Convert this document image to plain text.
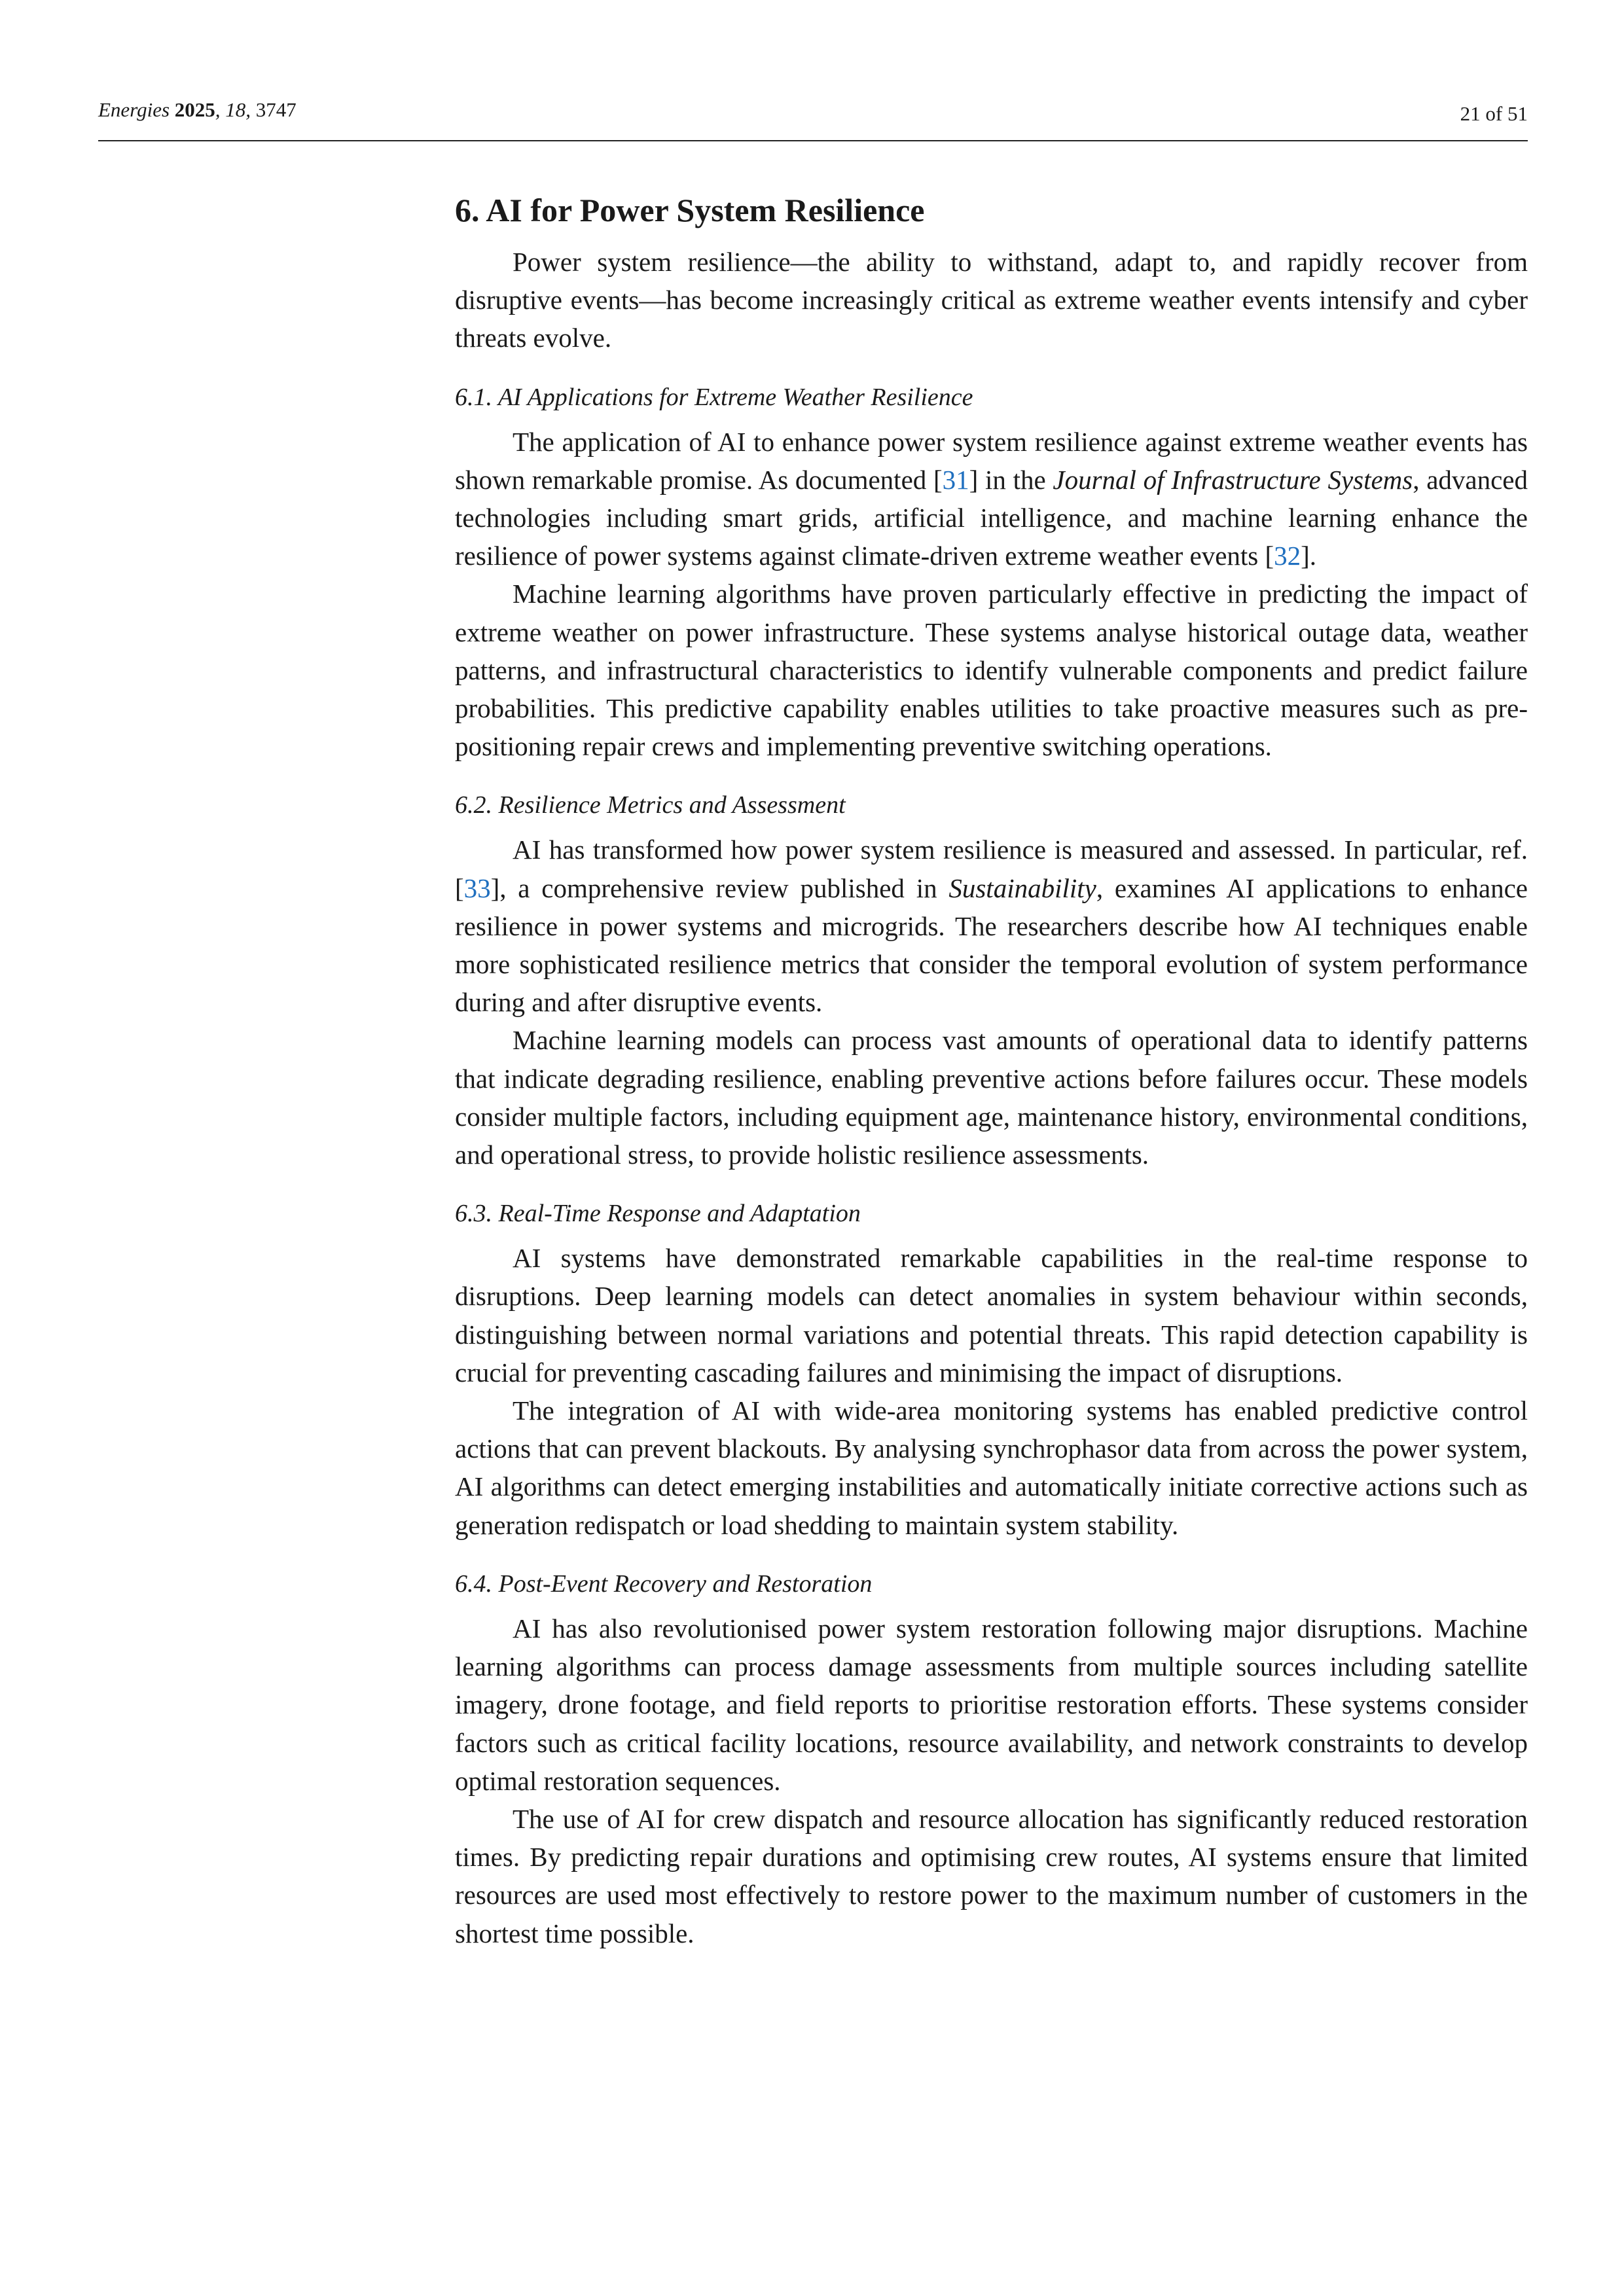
Energies 2025, 18, 3747	21 of 51
6. AI for Power System Resilience

Power system resilience—the ability to withstand, adapt to, and rapidly recover from disruptive events—has become increasingly critical as extreme weather events intensify and cyber threats evolve.

6.1. AI Applications for Extreme Weather Resilience

The application of AI to enhance power system resilience against extreme weather events has shown remarkable promise. As documented [31] in the Journal of Infrastructure Systems, advanced technologies including smart grids, artificial intelligence, and machine learning enhance the resilience of power systems against climate-driven extreme weather events [32].

Machine learning algorithms have proven particularly effective in predicting the impact of extreme weather on power infrastructure. These systems analyse historical outage data, weather patterns, and infrastructural characteristics to identify vulnerable components and predict failure probabilities. This predictive capability enables utilities to take proactive measures such as pre-positioning repair crews and implementing preventive switching operations.

6.2. Resilience Metrics and Assessment

AI has transformed how power system resilience is measured and assessed. In particular, ref. [33], a comprehensive review published in Sustainability, examines AI applications to enhance resilience in power systems and microgrids. The researchers describe how AI techniques enable more sophisticated resilience metrics that consider the temporal evolution of system performance during and after disruptive events.

Machine learning models can process vast amounts of operational data to identify patterns that indicate degrading resilience, enabling preventive actions before failures occur. These models consider multiple factors, including equipment age, maintenance history, environmental conditions, and operational stress, to provide holistic resilience assessments.

6.3. Real-Time Response and Adaptation

AI systems have demonstrated remarkable capabilities in the real-time response to disruptions. Deep learning models can detect anomalies in system behaviour within seconds, distinguishing between normal variations and potential threats. This rapid detection capability is crucial for preventing cascading failures and minimising the impact of disruptions.

The integration of AI with wide-area monitoring systems has enabled predictive control actions that can prevent blackouts. By analysing synchrophasor data from across the power system, AI algorithms can detect emerging instabilities and automatically initiate corrective actions such as generation redispatch or load shedding to maintain system stability.

6.4. Post-Event Recovery and Restoration

AI has also revolutionised power system restoration following major disruptions. Machine learning algorithms can process damage assessments from multiple sources including satellite imagery, drone footage, and field reports to prioritise restoration efforts. These systems consider factors such as critical facility locations, resource availability, and network constraints to develop optimal restoration sequences.

The use of AI for crew dispatch and resource allocation has significantly reduced restoration times. By predicting repair durations and optimising crew routes, AI systems ensure that limited resources are used most effectively to restore power to the maximum number of customers in the shortest time possible.
